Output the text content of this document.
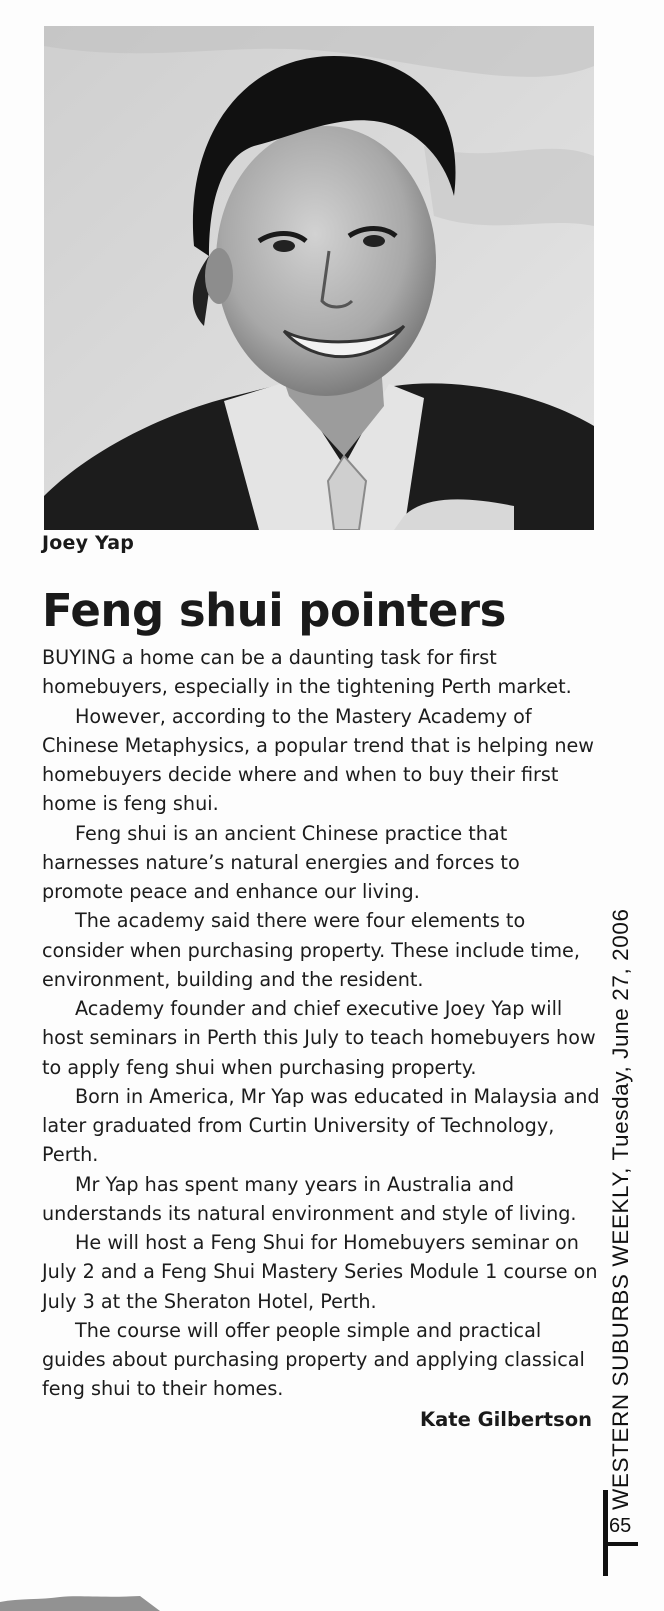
Joey Yap
Feng shui pointers

BUYING a home can be a daunting task for first homebuyers, especially in the tightening Perth market.

However, according to the Mastery Academy of Chinese Metaphysics, a popular trend that is helping new homebuyers decide where and when to buy their first home is feng shui.

Feng shui is an ancient Chinese practice that harnesses nature’s natural energies and forces to promote peace and enhance our living.

The academy said there were four elements to consider when purchasing property. These include time, environment, building and the resident.

Academy founder and chief executive Joey Yap will host seminars in Perth this July to teach homebuyers how to apply feng shui when purchasing property.

Born in America, Mr Yap was educated in Malaysia and later graduated from Curtin University of Technology, Perth.

Mr Yap has spent many years in Australia and understands its natural environment and style of living.

He will host a Feng Shui for Homebuyers seminar on July 2 and a Feng Shui Mastery Series Module 1 course on July 3 at the Sheraton Hotel, Perth.

The course will offer people simple and practical guides about purchasing property and applying classical feng shui to their homes.

Kate Gilbertson WESTERN SUBURBS WEEKLY, Tuesday, June 27, 2006
65
